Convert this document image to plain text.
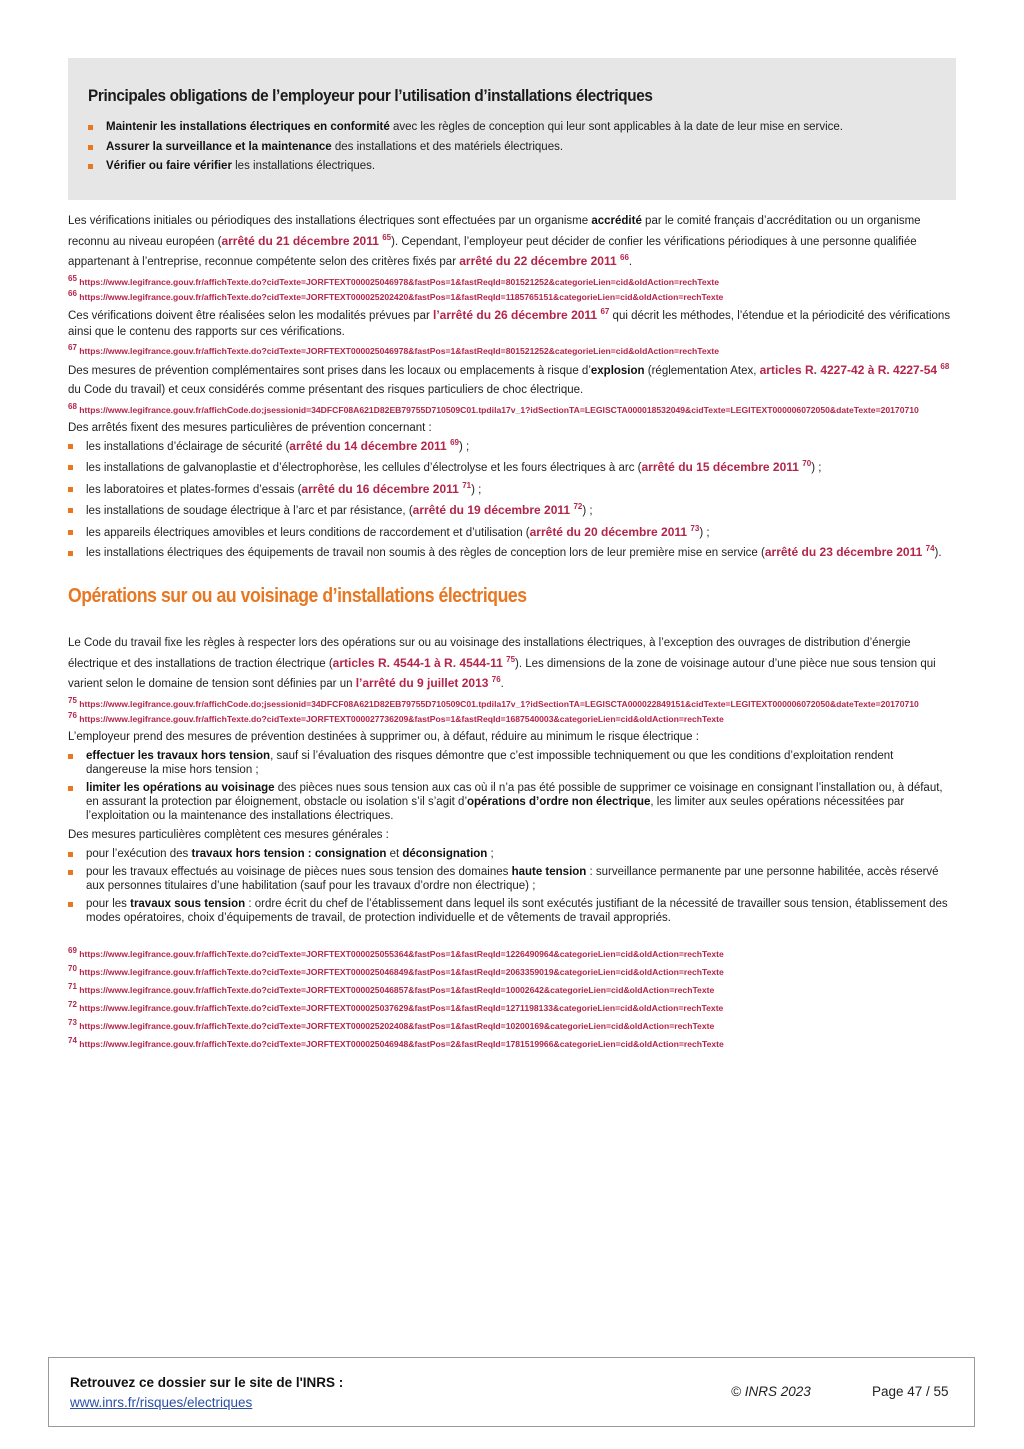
Principales obligations de l’employeur pour l’utilisation d’installations électriques
Maintenir les installations électriques en conformité avec les règles de conception qui leur sont applicables à la date de leur mise en service.
Assurer la surveillance et la maintenance des installations et des matériels électriques.
Vérifier ou faire vérifier les installations électriques.

Les vérifications initiales ou périodiques des installations électriques sont effectuées par un organisme accrédité par le comité français d’accréditation ou un organisme reconnu au niveau européen (arrêté du 21 décembre 2011 $^{65}$). Cependant, l’employeur peut décider de confier les vérifications périodiques à une personne qualifiée appartenant à l’entreprise, reconnue compétente selon des critères fixés par arrêté du 22 décembre 2011 $^{66}$.

$^{65}$ https://www.legifrance.gouv.fr/affichTexte.do?cidTexte=JORFTEXT000025046978&fastPos=1&fastReqId=801521252&categorieLien=cid&oldAction=rechTexte
$^{66}$ https://www.legifrance.gouv.fr/affichTexte.do?cidTexte=JORFTEXT000025202420&fastPos=1&fastReqId=1185765151&categorieLien=cid&oldAction=rechTexte

Ces vérifications doivent être réalisées selon les modalités prévues par l’arrêté du 26 décembre 2011 $^{67}$ qui décrit les méthodes, l’étendue et la périodicité des vérifications ainsi que le contenu des rapports sur ces vérifications.

$^{67}$ https://www.legifrance.gouv.fr/affichTexte.do?cidTexte=JORFTEXT000025046978&fastPos=1&fastReqId=801521252&categorieLien=cid&oldAction=rechTexte

Des mesures de prévention complémentaires sont prises dans les locaux ou emplacements à risque d’explosion (réglementation Atex, articles R. 4227-42 à R. 4227-54 $^{68}$ du Code du travail) et ceux considérés comme présentant des risques particuliers de choc électrique.

$^{68}$ https://www.legifrance.gouv.fr/affichCode.do;jsessionid=34DFCF08A621D82EB79755D710509C01.tpdila17v_1?idSectionTA=LEGISCTA000018532049&cidTexte=LEGITEXT000006072050&dateTexte=20170710

Des arrêtés fixent des mesures particulières de prévention concernant :

les installations d’éclairage de sécurité (arrêté du 14 décembre 2011 $^{69}$) ;
les installations de galvanoplastie et d’électrophorèse, les cellules d’électrolyse et les fours électriques à arc (arrêté du 15 décembre 2011 $^{70}$) ;
les laboratoires et plates-formes d’essais (arrêté du 16 décembre 2011 $^{71}$) ;
les installations de soudage électrique à l’arc et par résistance, (arrêté du 19 décembre 2011 $^{72}$) ;
les appareils électriques amovibles et leurs conditions de raccordement et d’utilisation (arrêté du 20 décembre 2011 $^{73}$) ;
les installations électriques des équipements de travail non soumis à des règles de conception lors de leur première mise en service (arrêté du 23 décembre 2011 $^{74}$).
Opérations sur ou au voisinage d’installations électriques

Le Code du travail fixe les règles à respecter lors des opérations sur ou au voisinage des installations électriques, à l’exception des ouvrages de distribution d’énergie électrique et des installations de traction électrique (articles R. 4544-1 à R. 4544-11 $^{75}$). Les dimensions de la zone de voisinage autour d’une pièce nue sous tension qui varient selon le domaine de tension sont définies par un l’arrêté du 9 juillet 2013 $^{76}$.

$^{75}$ https://www.legifrance.gouv.fr/affichCode.do;jsessionid=34DFCF08A621D82EB79755D710509C01.tpdila17v_1?idSectionTA=LEGISCTA000022849151&cidTexte=LEGITEXT000006072050&dateTexte=20170710
$^{76}$ https://www.legifrance.gouv.fr/affichTexte.do?cidTexte=JORFTEXT000027736209&fastPos=1&fastReqId=1687540003&categorieLien=cid&oldAction=rechTexte

L’employeur prend des mesures de prévention destinées à supprimer ou, à défaut, réduire au minimum le risque électrique :

effectuer les travaux hors tension, sauf si l’évaluation des risques démontre que c’est impossible techniquement ou que les conditions d’exploitation rendent dangereuse la mise hors tension ;
limiter les opérations au voisinage des pièces nues sous tension aux cas où il n’a pas été possible de supprimer ce voisinage en consignant l’installation ou, à défaut, en assurant la protection par éloignement, obstacle ou isolation s’il s’agit d’opérations d’ordre non électrique, les limiter aux seules opérations nécessitées par l’exploitation ou la maintenance des installations électriques.

Des mesures particulières complètent ces mesures générales :

pour l’exécution des travaux hors tension : consignation et déconsignation ;
pour les travaux effectués au voisinage de pièces nues sous tension des domaines haute tension : surveillance permanente par une personne habilitée, accès réservé aux personnes titulaires d’une habilitation (sauf pour les travaux d’ordre non électrique) ;
pour les travaux sous tension : ordre écrit du chef de l’établissement dans lequel ils sont exécutés justifiant de la nécessité de travailler sous tension, établissement des modes opératoires, choix d’équipements de travail, de protection individuelle et de vêtements de travail appropriés.
$^{69}$ https://www.legifrance.gouv.fr/affichTexte.do?cidTexte=JORFTEXT000025055364&fastPos=1&fastReqId=1226490964&categorieLien=cid&oldAction=rechTexte
$^{70}$ https://www.legifrance.gouv.fr/affichTexte.do?cidTexte=JORFTEXT000025046849&fastPos=1&fastReqId=2063359019&categorieLien=cid&oldAction=rechTexte
$^{71}$ https://www.legifrance.gouv.fr/affichTexte.do?cidTexte=JORFTEXT000025046857&fastPos=1&fastReqId=10002642&categorieLien=cid&oldAction=rechTexte
$^{72}$ https://www.legifrance.gouv.fr/affichTexte.do?cidTexte=JORFTEXT000025037629&fastPos=1&fastReqId=1271198133&categorieLien=cid&oldAction=rechTexte
$^{73}$ https://www.legifrance.gouv.fr/affichTexte.do?cidTexte=JORFTEXT000025202408&fastPos=1&fastReqId=10200169&categorieLien=cid&oldAction=rechTexte
$^{74}$ https://www.legifrance.gouv.fr/affichTexte.do?cidTexte=JORFTEXT000025046948&fastPos=2&fastReqId=1781519966&categorieLien=cid&oldAction=rechTexte
Retrouvez ce dossier sur le site de l'INRS :
www.inrs.fr/risques/electriques
© INRS 2023	Page 47 / 55
